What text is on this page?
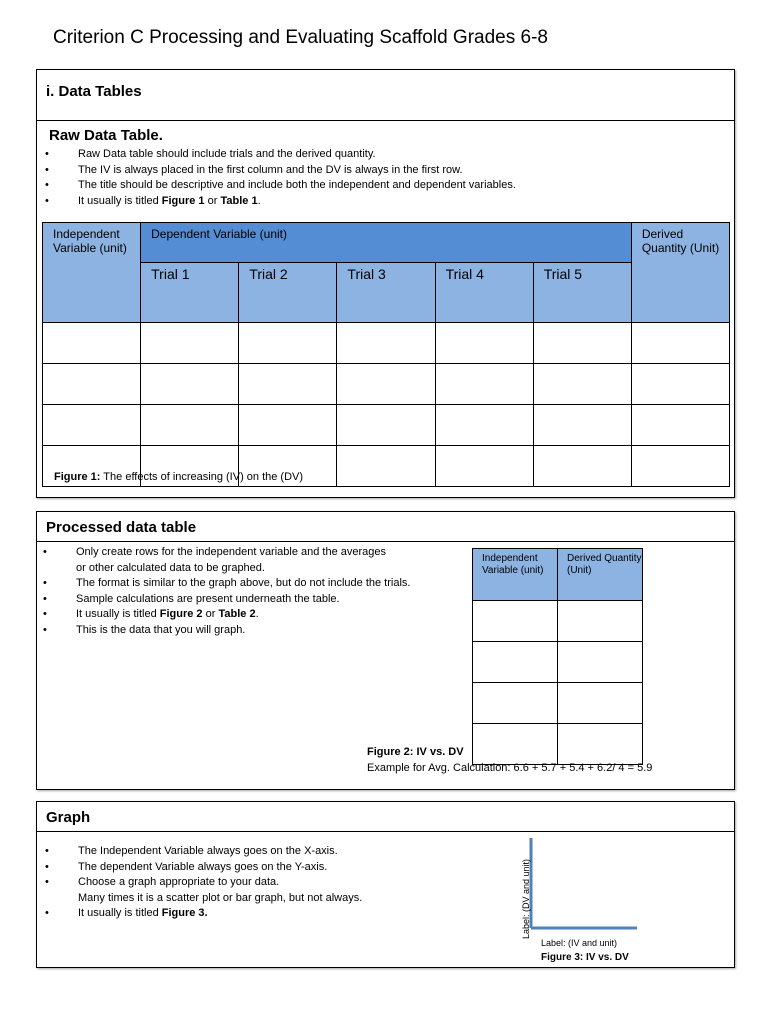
Criterion C Processing and Evaluating Scaffold Grades 6-8
i. Data Tables
Raw Data Table.
•	Raw Data table should include trials and the derived quantity.
•	The IV is always placed in the first column and the DV is always in the first row.
•	The title should be descriptive and include both the independent and dependent variables.
•	It usually is titled Figure 1 or Table 1.
Independent Variable (unit)	Dependent Variable (unit)					Derived Quantity (Unit)

	Trial 1	Trial 2	Trial 3	Trial 4	Trial 5	

Figure 1: The effects of increasing (IV) on the (DV)
Processed data table
•	Only create rows for the independent variable and the averages
or other calculated data to be graphed.
•	The format is similar to the graph above, but do not include the trials.
•	Sample calculations are present underneath the table.
•	It usually is titled Figure 2 or Table 2.
•	This is the data that you will graph.
Independent Variable (unit)	Derived Quantity (Unit)

Figure 2: IV vs. DV
Example for Avg. Calculation: 6.6 + 5.7 + 5.4 + 6.2/ 4 = 5.9
Graph
•	The Independent Variable always goes on the X-axis.
•	The dependent Variable always goes on the Y-axis.
•	Choose a graph appropriate to your data.
Many times it is a scatter plot or bar graph, but not always.
•	It usually is titled Figure 3.	Label: (DV and unit)
Label: (IV and unit)
Figure 3: IV vs. DV
